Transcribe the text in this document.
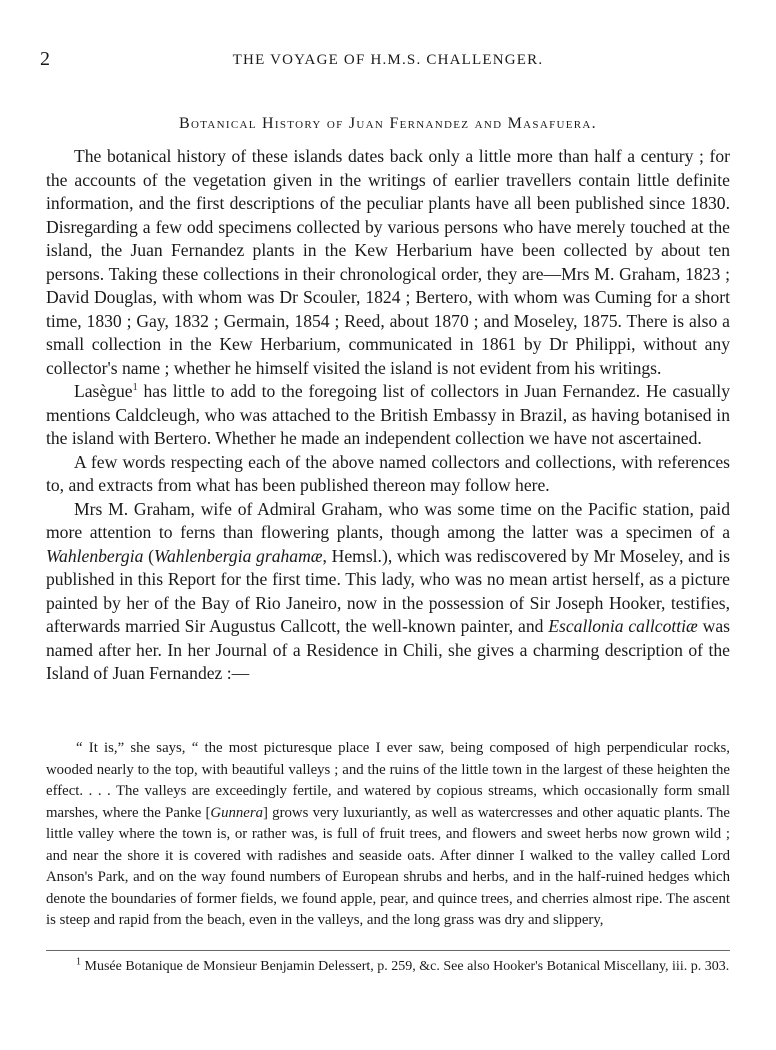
2	THE VOYAGE OF H.M.S. CHALLENGER.
Botanical History of Juan Fernandez and Masafuera.

The botanical history of these islands dates back only a little more than half a century ; for the accounts of the vegetation given in the writings of earlier travellers contain little definite information, and the first descriptions of the peculiar plants have all been published since 1830. Disregarding a few odd specimens collected by various persons who have merely touched at the island, the Juan Fernandez plants in the Kew Herbarium have been collected by about ten persons. Taking these collections in their chronological order, they are—Mrs M. Graham, 1823 ; David Douglas, with whom was Dr Scouler, 1824 ; Bertero, with whom was Cuming for a short time, 1830 ; Gay, 1832 ; Germain, 1854 ; Reed, about 1870 ; and Moseley, 1875. There is also a small collection in the Kew Herbarium, communicated in 1861 by Dr Philippi, without any collector's name ; whether he himself visited the island is not evident from his writings.

Lasègue$^1$ has little to add to the foregoing list of collectors in Juan Fernandez. He casually mentions Caldcleugh, who was attached to the British Embassy in Brazil, as having botanised in the island with Bertero. Whether he made an independent collection we have not ascertained.

A few words respecting each of the above named collectors and collections, with references to, and extracts from what has been published thereon may follow here.

Mrs M. Graham, wife of Admiral Graham, who was some time on the Pacific station, paid more attention to ferns than flowering plants, though among the latter was a specimen of a Wahlenbergia (Wahlenbergia grahamæ, Hemsl.), which was rediscovered by Mr Moseley, and is published in this Report for the first time. This lady, who was no mean artist herself, as a picture painted by her of the Bay of Rio Janeiro, now in the possession of Sir Joseph Hooker, testifies, afterwards married Sir Augustus Callcott, the well-known painter, and Escallonia callcottiæ was named after her. In her Journal of a Residence in Chili, she gives a charming description of the Island of Juan Fernandez :—

“ It is,” she says, “ the most picturesque place I ever saw, being composed of high perpendicular rocks, wooded nearly to the top, with beautiful valleys ; and the ruins of the little town in the largest of these heighten the effect. . . . The valleys are exceedingly fertile, and watered by copious streams, which occasionally form small marshes, where the Panke [Gunnera] grows very luxuriantly, as well as watercresses and other aquatic plants. The little valley where the town is, or rather was, is full of fruit trees, and flowers and sweet herbs now grown wild ; and near the shore it is covered with radishes and seaside oats. After dinner I walked to the valley called Lord Anson's Park, and on the way found numbers of European shrubs and herbs, and in the half-ruined hedges which denote the boundaries of former fields, we found apple, pear, and quince trees, and cherries almost ripe. The ascent is steep and rapid from the beach, even in the valleys, and the long grass was dry and slippery,
$^1$ Musée Botanique de Monsieur Benjamin Delessert, p. 259, &c. See also Hooker's Botanical Miscellany, iii. p. 303.
